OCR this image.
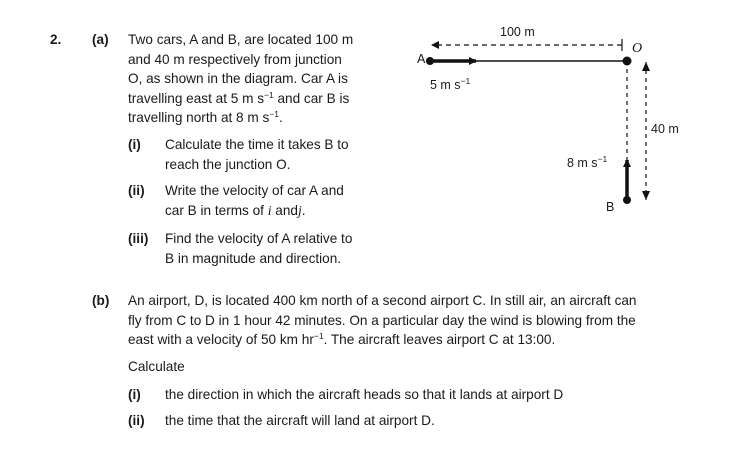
2. (a) Two cars, A and B, are located 100 m
and 40 m respectively from junction
O, as shown in the diagram. Car A is
travelling east at 5 m $s^{-1}$ and car B is
travelling north at 8 m $s^{-1}$.
(i) Calculate the time it takes B to
reach the junction O.
(ii) Write the velocity of car A and
car B in terms of i andj.
(iii) Find the velocity of A relative to
B in magnitude and direction.
100 m
O
A
5 m $s^{-1}$
40 m
8 m $s^{-1}$
B
(b) An airport, D, is located 400 km north of a second airport C. In still air, an aircraft can
fly from C to D in 1 hour 42 minutes. On a particular day the wind is blowing from the
east with a velocity of 50 km $hr^{-1}$. The aircraft leaves airport C at 13:00.
Calculate
(i) the direction in which the aircraft heads so that it lands at airport D
(ii) the time that the aircraft will land at airport D.
